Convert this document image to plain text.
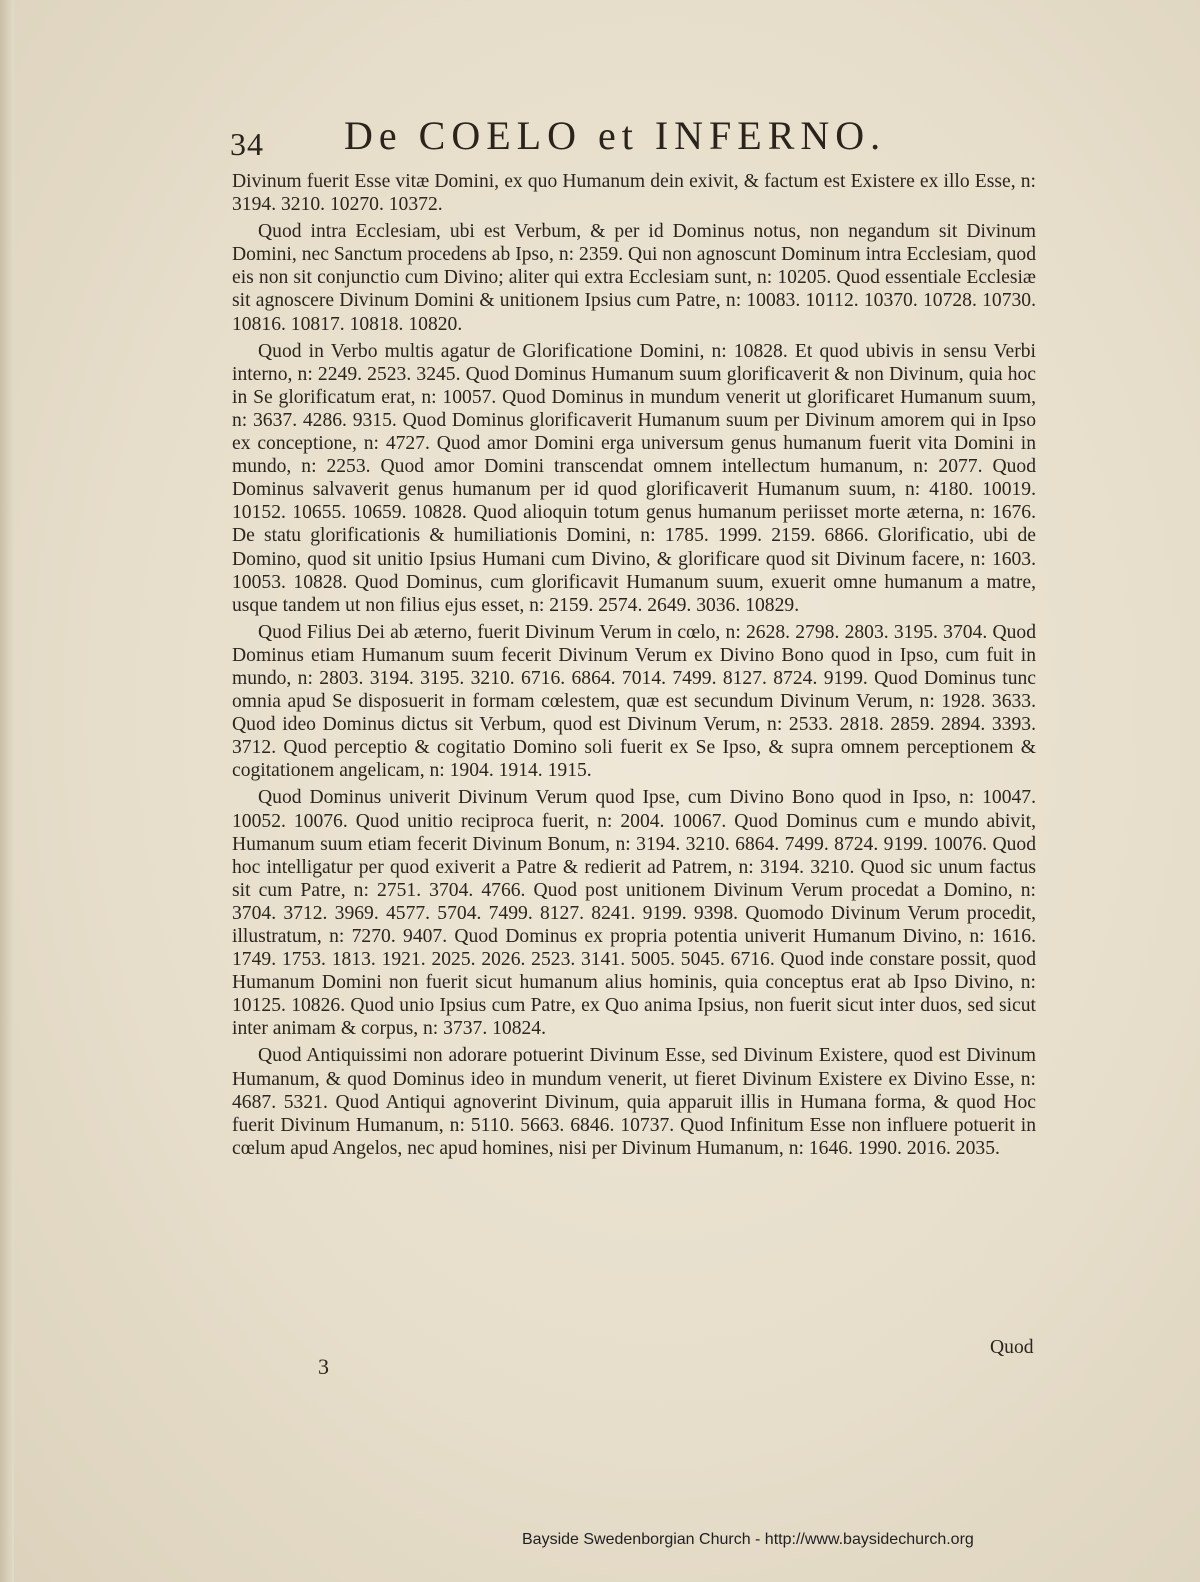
34 De COELO et INFERNO.

Divinum fuerit Esse vitæ Domini, ex quo Humanum dein exivit, & factum est Existere ex illo Esse, n: 3194. 3210. 10270. 10372.

Quod intra Ecclesiam, ubi est Verbum, & per id Dominus notus, non negandum sit Divinum Domini, nec Sanctum procedens ab Ipso, n: 2359. Qui non agnoscunt Dominum intra Ecclesiam, quod eis non sit conjunctio cum Divino; aliter qui extra Ecclesiam sunt, n: 10205. Quod essentiale Ecclesiæ sit agnoscere Divinum Domini & unitionem Ipsius cum Patre, n: 10083. 10112. 10370. 10728. 10730. 10816. 10817. 10818. 10820.

Quod in Verbo multis agatur de Glorificatione Domini, n: 10828. Et quod ubivis in sensu Verbi interno, n: 2249. 2523. 3245. Quod Dominus Humanum suum glorificaverit & non Divinum, quia hoc in Se glorificatum erat, n: 10057. Quod Dominus in mundum venerit ut glorificaret Humanum suum, n: 3637. 4286. 9315. Quod Dominus glorificaverit Humanum suum per Divinum amorem qui in Ipso ex conceptione, n: 4727. Quod amor Domini erga universum genus humanum fuerit vita Domini in mundo, n: 2253. Quod amor Domini transcendat omnem intellectum humanum, n: 2077. Quod Dominus salvaverit genus humanum per id quod glorificaverit Humanum suum, n: 4180. 10019. 10152. 10655. 10659. 10828. Quod alioquin totum genus humanum periisset morte æterna, n: 1676. De statu glorificationis & humiliationis Domini, n: 1785. 1999. 2159. 6866. Glorificatio, ubi de Domino, quod sit unitio Ipsius Humani cum Divino, & glorificare quod sit Divinum facere, n: 1603. 10053. 10828. Quod Dominus, cum glorificavit Humanum suum, exuerit omne humanum a matre, usque tandem ut non filius ejus esset, n: 2159. 2574. 2649. 3036. 10829.

Quod Filius Dei ab æterno, fuerit Divinum Verum in cœlo, n: 2628. 2798. 2803. 3195. 3704. Quod Dominus etiam Humanum suum fecerit Divinum Verum ex Divino Bono quod in Ipso, cum fuit in mundo, n: 2803. 3194. 3195. 3210. 6716. 6864. 7014. 7499. 8127. 8724. 9199. Quod Dominus tunc omnia apud Se disposuerit in formam cœlestem, quæ est secundum Divinum Verum, n: 1928. 3633. Quod ideo Dominus dictus sit Verbum, quod est Divinum Verum, n: 2533. 2818. 2859. 2894. 3393. 3712. Quod perceptio & cogitatio Domino soli fuerit ex Se Ipso, & supra omnem perceptionem & cogitationem angelicam, n: 1904. 1914. 1915.

Quod Dominus univerit Divinum Verum quod Ipse, cum Divino Bono quod in Ipso, n: 10047. 10052. 10076. Quod unitio reciproca fuerit, n: 2004. 10067. Quod Dominus cum e mundo abivit, Humanum suum etiam fecerit Divinum Bonum, n: 3194. 3210. 6864. 7499. 8724. 9199. 10076. Quod hoc intelligatur per quod exiverit a Patre & redierit ad Patrem, n: 3194. 3210. Quod sic unum factus sit cum Patre, n: 2751. 3704. 4766. Quod post unitionem Divinum Verum procedat a Domino, n: 3704. 3712. 3969. 4577. 5704. 7499. 8127. 8241. 9199. 9398. Quomodo Divinum Verum procedit, illustratum, n: 7270. 9407. Quod Dominus ex propria potentia univerit Humanum Divino, n: 1616. 1749. 1753. 1813. 1921. 2025. 2026. 2523. 3141. 5005. 5045. 6716. Quod inde constare possit, quod Humanum Domini non fuerit sicut humanum alius hominis, quia conceptus erat ab Ipso Divino, n: 10125. 10826. Quod unio Ipsius cum Patre, ex Quo anima Ipsius, non fuerit sicut inter duos, sed sicut inter animam & corpus, n: 3737. 10824.

Quod Antiquissimi non adorare potuerint Divinum Esse, sed Divinum Existere, quod est Divinum Humanum, & quod Dominus ideo in mundum venerit, ut fieret Divinum Existere ex Divino Esse, n: 4687. 5321. Quod Antiqui agnoverint Divinum, quia apparuit illis in Humana forma, & quod Hoc fuerit Divinum Humanum, n: 5110. 5663. 6846. 10737. Quod Infinitum Esse non influere potuerit in cœlum apud Angelos, nec apud homines, nisi per Divinum Humanum, n: 1646. 1990. 2016. 2035.

Quod
3
Bayside Swedenborgian Church - http://www.baysidechurch.org
